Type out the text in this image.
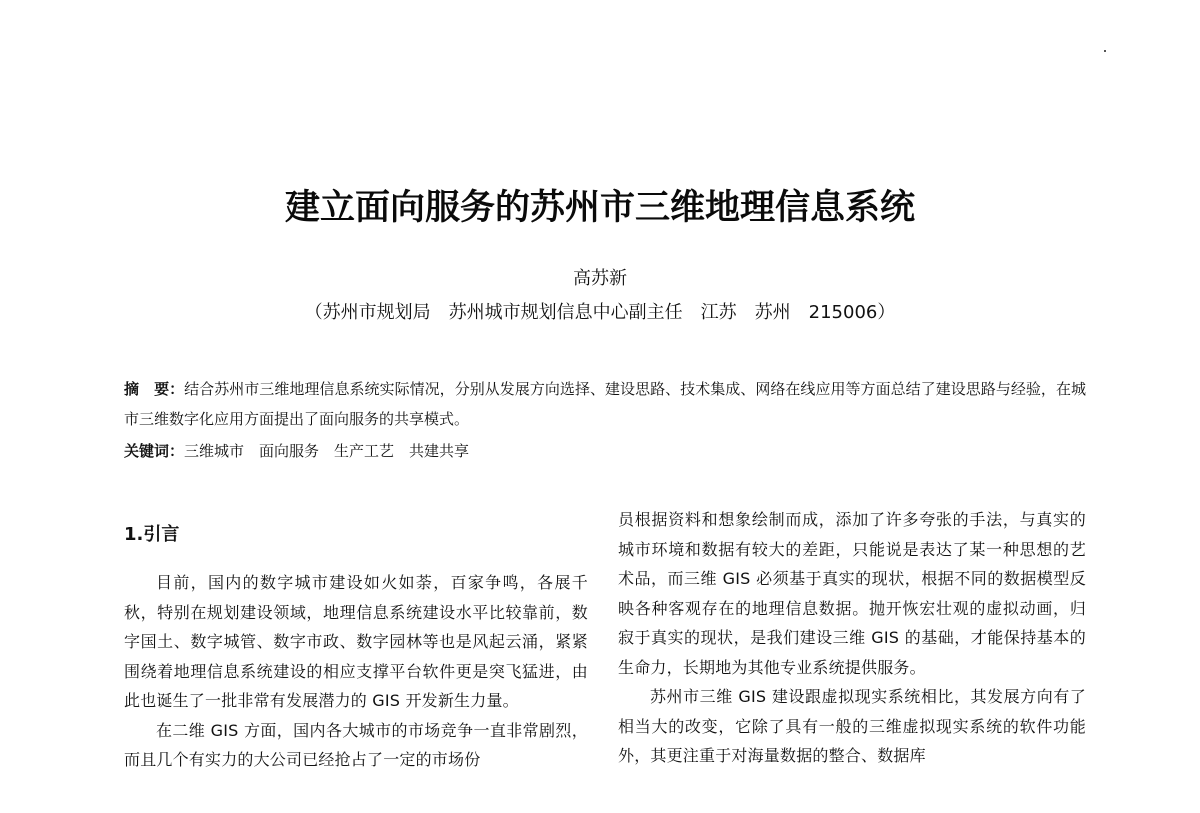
建立面向服务的苏州市三维地理信息系统
高苏新
（苏州市规划局　苏州城市规划信息中心副主任　江苏　苏州　215006）
摘　要：结合苏州市三维地理信息系统实际情况，分别从发展方向选择、建设思路、技术集成、网络在线应用等方面总结了建设思路与经验，在城市三维数字化应用方面提出了面向服务的共享模式。
关键词：三维城市　面向服务　生产工艺　共建共享
1.引言

目前，国内的数字城市建设如火如荼，百家争鸣，各展千秋，特别在规划建设领域，地理信息系统建设水平比较靠前，数字国土、数字城管、数字市政、数字园林等也是风起云涌，紧紧围绕着地理信息系统建设的相应支撑平台软件更是突飞猛进，由此也诞生了一批非常有发展潜力的 GIS 开发新生力量。

在二维 GIS 方面，国内各大城市的市场竞争一直非常剧烈，而且几个有实力的大公司已经抢占了一定的市场份

员根据资料和想象绘制而成，添加了许多夸张的手法，与真实的城市环境和数据有较大的差距，只能说是表达了某一种思想的艺术品，而三维 GIS 必须基于真实的现状，根据不同的数据模型反映各种客观存在的地理信息数据。抛开恢宏壮观的虚拟动画，归寂于真实的现状，是我们建设三维 GIS 的基础，才能保持基本的生命力，长期地为其他专业系统提供服务。

苏州市三维 GIS 建设跟虚拟现实系统相比，其发展方向有了相当大的改变，它除了具有一般的三维虚拟现实系统的软件功能外，其更注重于对海量数据的整合、数据库
